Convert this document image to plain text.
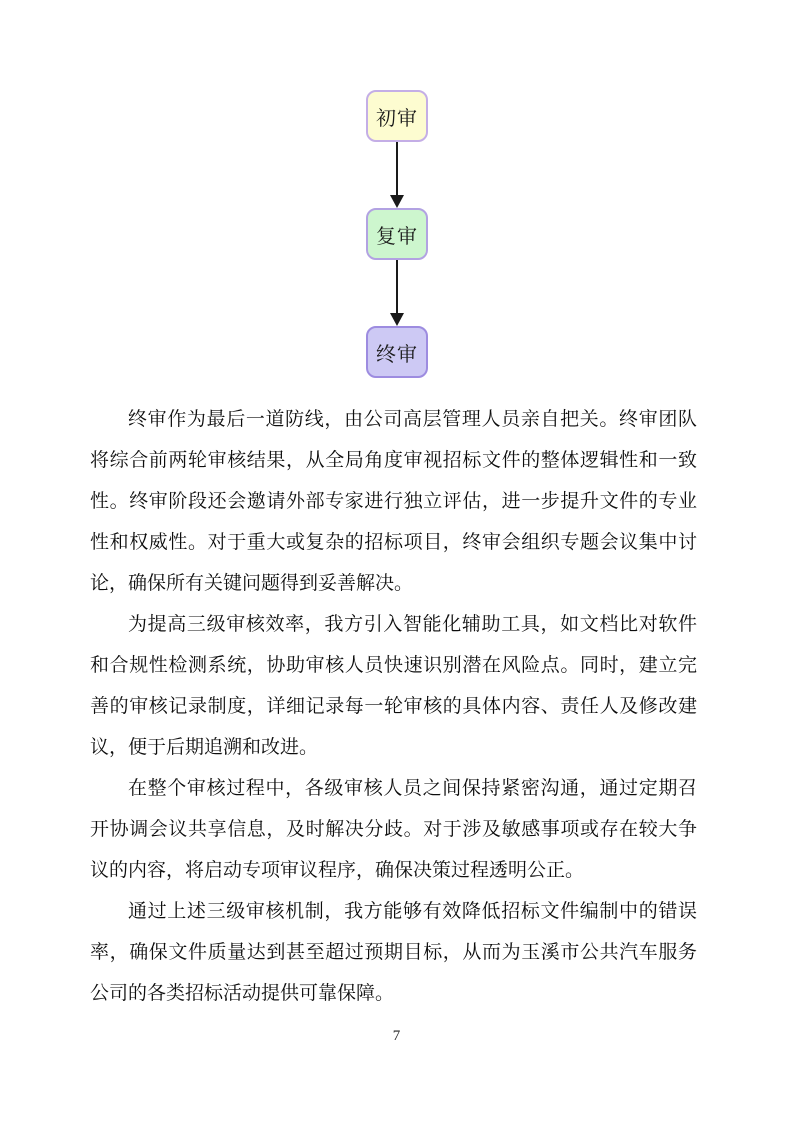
初审
复审
终审

终审作为最后一道防线，由公司高层管理人员亲自把关。终审团队将综合前两轮审核结果，从全局角度审视招标文件的整体逻辑性和一致性。终审阶段还会邀请外部专家进行独立评估，进一步提升文件的专业性和权威性。对于重大或复杂的招标项目，终审会组织专题会议集中讨论，确保所有关键问题得到妥善解决。

为提高三级审核效率，我方引入智能化辅助工具，如文档比对软件和合规性检测系统，协助审核人员快速识别潜在风险点。同时，建立完善的审核记录制度，详细记录每一轮审核的具体内容、责任人及修改建议，便于后期追溯和改进。

在整个审核过程中，各级审核人员之间保持紧密沟通，通过定期召开协调会议共享信息，及时解决分歧。对于涉及敏感事项或存在较大争议的内容，将启动专项审议程序，确保决策过程透明公正。

通过上述三级审核机制，我方能够有效降低招标文件编制中的错误率，确保文件质量达到甚至超过预期目标，从而为玉溪市公共汽车服务公司的各类招标活动提供可靠保障。

7
